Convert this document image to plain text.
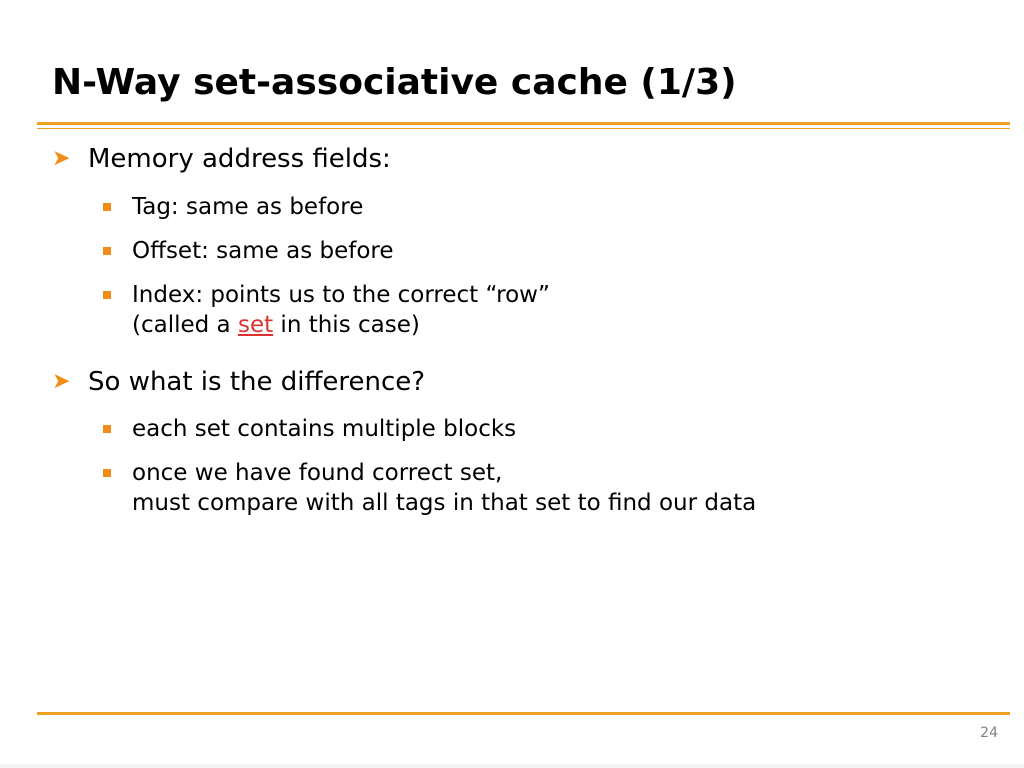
N-Way set-associative cache (1/3)
➤ Memory address fields:
Tag: same as before
Offset: same as before
Index: points us to the correct “row”
(called a set in this case)
➤ So what is the difference?
each set contains multiple blocks
once we have found correct set,
must compare with all tags in that set to find our data
24
